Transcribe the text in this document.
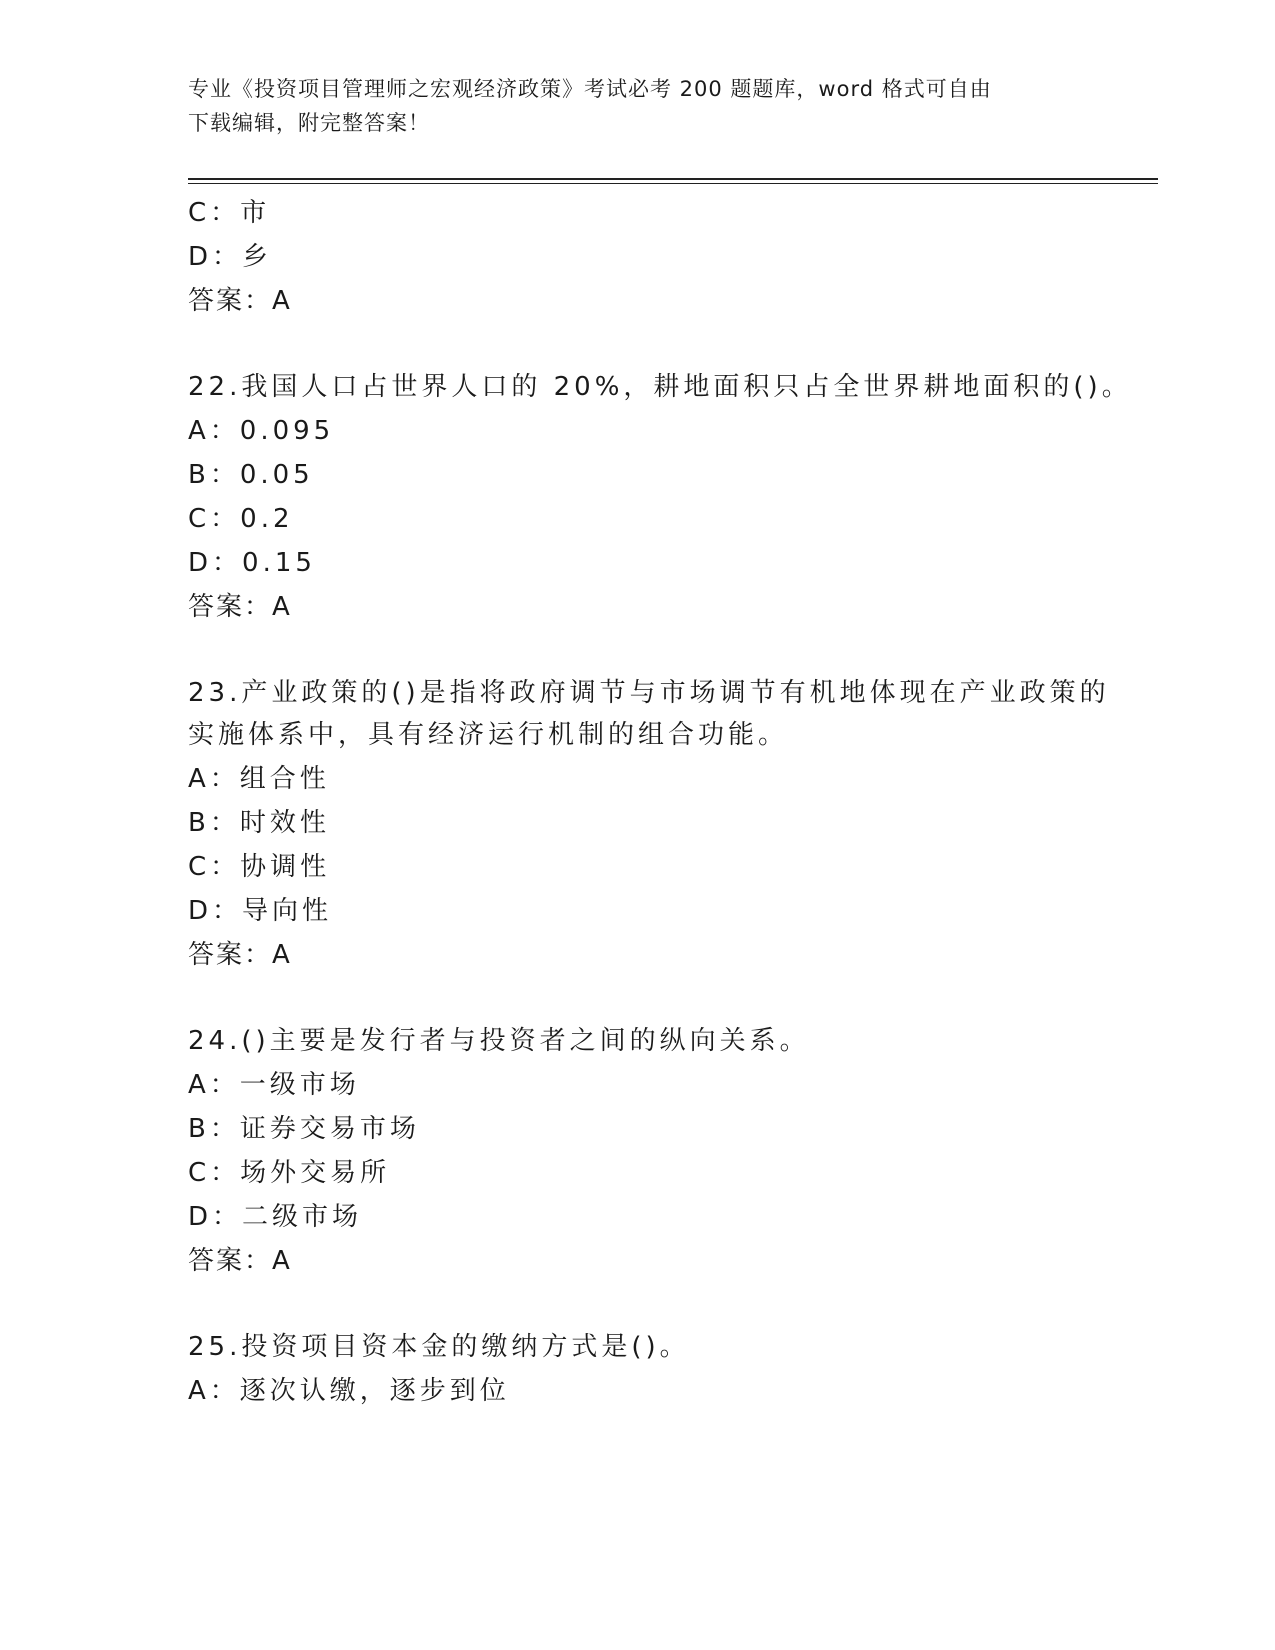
专业《投资项目管理师之宏观经济政策》考试必考 200 题题库，word 格式可自由
下载编辑，附完整答案！
C：市
D：乡
答案：A
22.我国人口占世界人口的 20%，耕地面积只占全世界耕地面积的()。
A：0.095
B：0.05
C：0.2
D：0.15
答案：A
23.产业政策的()是指将政府调节与市场调节有机地体现在产业政策的
实施体系中，具有经济运行机制的组合功能。
A：组合性
B：时效性
C：协调性
D：导向性
答案：A
24.()主要是发行者与投资者之间的纵向关系。
A：一级市场
B：证券交易市场
C：场外交易所
D：二级市场
答案：A
25.投资项目资本金的缴纳方式是()。
A：逐次认缴，逐步到位
